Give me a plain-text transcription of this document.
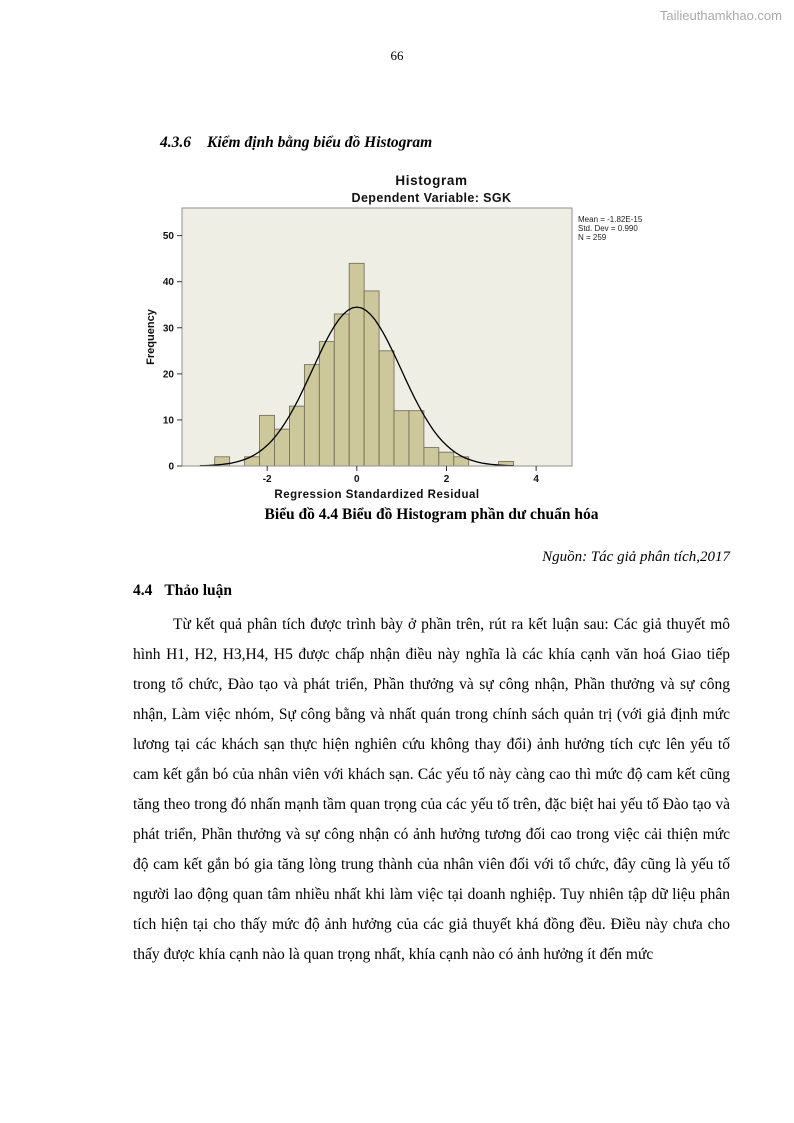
Tailieuthamkhao.com
66
4.3.6 Kiểm định bằng biểu đồ Histogram
Histogram
Dependent Variable: SGK
-2	0	2	4
0
10
20
30
40
50
Regression Standardized Residual
Frequency
Mean = -1.82E-15
Std. Dev = 0.990
N = 259
Biểu đồ 4.4 Biểu đồ Histogram phần dư chuẩn hóa
Nguồn: Tác giả phân tích,2017
4.4 Thảo luận
Từ kết quả phân tích được trình bày ở phần trên, rút ra kết luận sau: Các giả thuyết mô hình H1, H2, H3,H4, H5 được chấp nhận điều này nghĩa là các khía cạnh văn hoá Giao tiếp trong tổ chức, Đào tạo và phát triển, Phần thưởng và sự công nhận, Phần thưởng và sự công nhận, Làm việc nhóm, Sự công bằng và nhất quán trong chính sách quản trị (với giả định mức lương tại các khách sạn thực hiện nghiên cứu không thay đổi) ảnh hưởng tích cực lên yếu tố cam kết gắn bó của nhân viên với khách sạn. Các yếu tố này càng cao thì mức độ cam kết cũng tăng theo trong đó nhấn mạnh tầm quan trọng của các yếu tố trên, đặc biệt hai yếu tố Đào tạo và phát triển, Phần thưởng và sự công nhận có ảnh hưởng tương đối cao trong việc cải thiện mức độ cam kết gắn bó gia tăng lòng trung thành của nhân viên đối với tổ chức, đây cũng là yếu tố người lao động quan tâm nhiều nhất khi làm việc tại doanh nghiệp. Tuy nhiên tập dữ liệu phân tích hiện tại cho thấy mức độ ảnh hưởng của các giả thuyết khá đồng đều. Điều này chưa cho thấy được khía cạnh nào là quan trọng nhất, khía cạnh nào có ảnh hưởng ít đến mức
